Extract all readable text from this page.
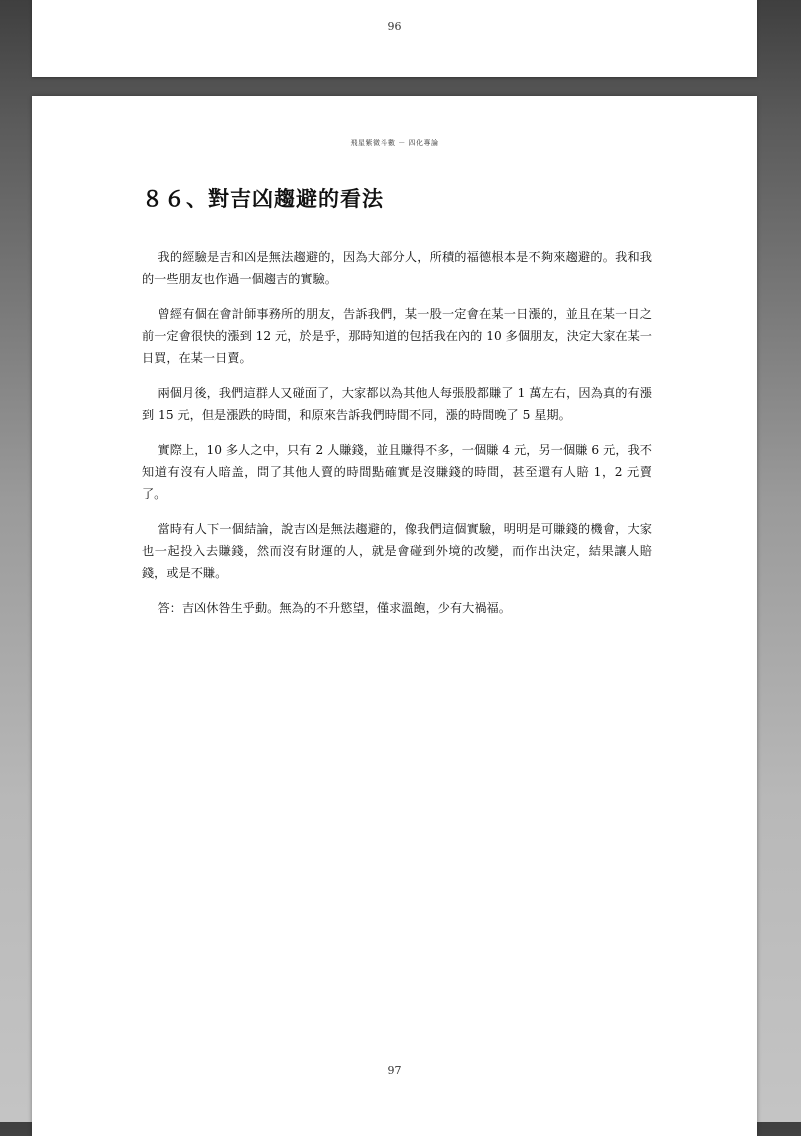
96
飛星紫微斗數 － 四化專論
８６、對吉凶趨避的看法

我的經驗是吉和凶是無法趨避的，因為大部分人，所積的福德根本是不夠來趨避的。我和我的一些朋友也作過一個趨吉的實驗。

曾經有個在會計師事務所的朋友，告訴我們，某一股一定會在某一日漲的，並且在某一日之前一定會很快的漲到 12 元，於是乎，那時知道的包括我在內的 10 多個朋友，決定大家在某一日買，在某一日賣。

兩個月後，我們這群人又碰面了，大家都以為其他人每張股都賺了 1 萬左右，因為真的有漲到 15 元，但是漲跌的時間，和原來告訴我們時間不同，漲的時間晚了 5 星期。

實際上，10 多人之中，只有 2 人賺錢，並且賺得不多，一個賺 4 元，另一個賺 6 元，我不知道有沒有人暗盖，問了其他人賣的時間點確實是沒賺錢的時間，甚至還有人賠 1，2 元賣了。

當時有人下一個結論，說吉凶是無法趨避的，像我們這個實驗，明明是可賺錢的機會，大家也一起投入去賺錢，然而沒有財運的人，就是會碰到外境的改變，而作出決定，結果讓人賠錢，或是不賺。

答：吉凶休咎生乎動。無為的不升慾望，僅求溫飽，少有大禍福。

97
